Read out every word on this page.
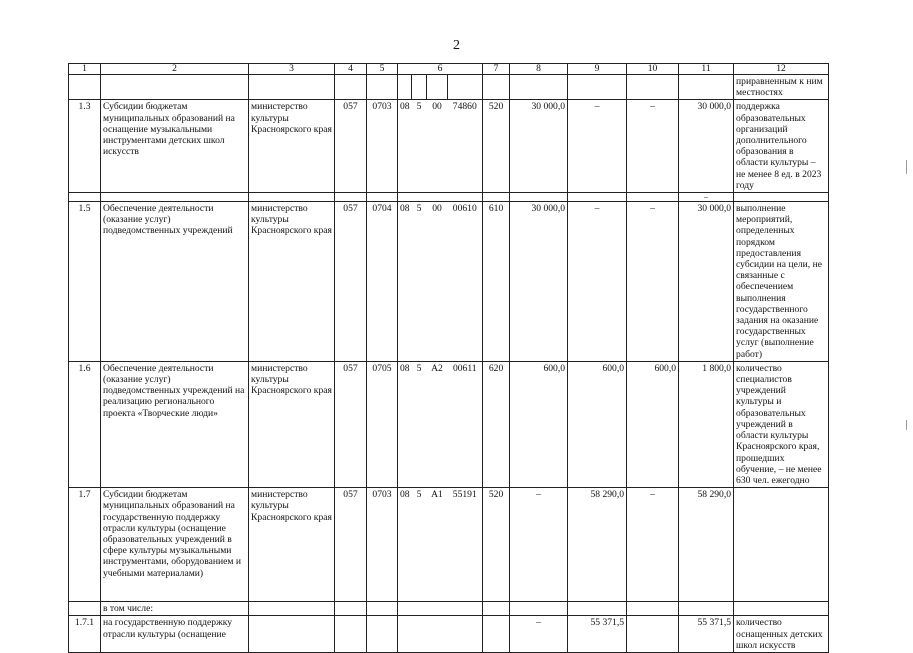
2
1	2	3	4	5	6				7	8	9	10	11	12
														приравненным к ним местностях
1.3	Субсидии бюджетам муниципальных образований на оснащение музыкальными инструментами детских школ искусств	министерство культуры Красноярского края	057	0703	08	5	00	74860	520	30 000,0	–	–	30 000,0	поддержка образовательных организаций дополнительного образования в области культуры – не менее 8 ед. в 2023 году
													–	
1.5	Обеспечение деятельности (оказание услуг) подведомственных учреждений	министерство культуры Красноярского края	057	0704	08	5	00	00610	610	30 000,0	–	–	30 000,0	выполнение мероприятий, определенных порядком предоставления субсидии на цели, не связанные с обеспечением выполнения государственного задания на оказание государственных услуг (выполнение работ)
1.6	Обеспечение деятельности (оказание услуг) подведомственных учреждений на реализацию регионального проекта «Творческие люди»	министерство культуры Красноярского края	057	0705	08	5	A2	00611	620	600,0	600,0	600,0	1 800,0	количество специалистов учреждений культуры и образовательных учреждений в области культуры Красноярского края, прошедших обучение, – не менее 630 чел. ежегодно
1.7	Субсидии бюджетам муниципальных образований на государственную поддержку отрасли культуры (оснащение образовательных учреждений в сфере культуры музыкальными инструментами, оборудованием и учебными материалами)	министерство культуры Красноярского края	057	0703	08	5	A1	55191	520	–	58 290,0	–	58 290,0	
	в том числе:													
1.7.1	на государственную поддержку отрасли культуры (оснащение									–	55 371,5		55 371,5	количество оснащенных детских школ искусств
